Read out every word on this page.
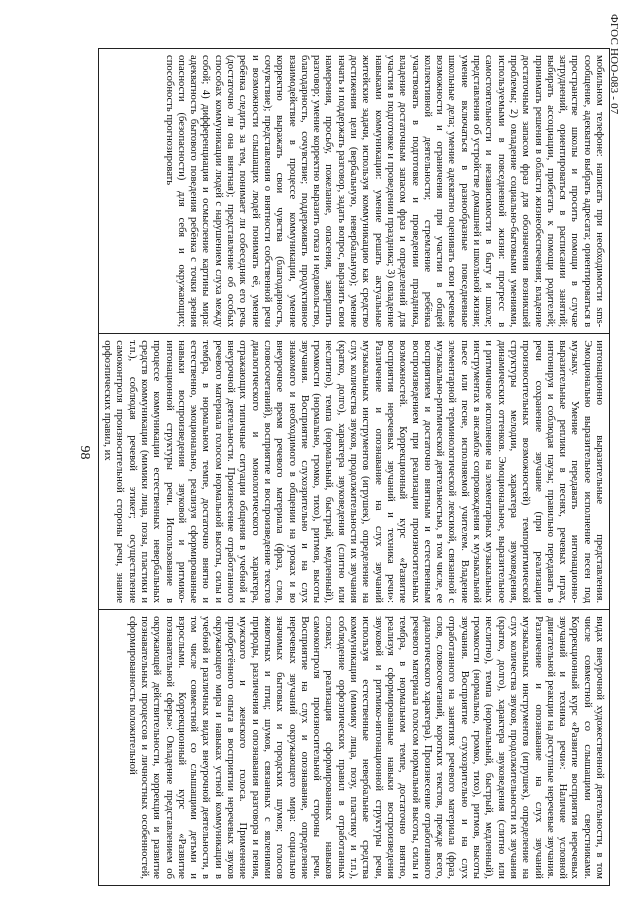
ФГОС НОО-083 - 07

мобильном телефоне: написать при необходимости sms-сообщение, адекватно выбрать адресата; ориентироваться в пространстве школы и просить помощи в случае затруднений, ориентироваться в расписании занятий; выбирать ассоциации, прибегать к помощи родителей; принимать решения в области жизнеобеспечения; владение достаточным запасом фраз для обозначения возникшей проблемы; 2) овладение социально-бытовыми умениями, используемыми в повседневной жизни: прогресс в самостоятельности и независимости в быту и школе; представления об устройстве домашней и школьной жизни; умение включаться в разнообразные повседневные школьные дела; умение адекватно оценивать свои речевые возможности и ограничения при участии в общей коллективной деятельности; стремление ребёнка участвовать в подготовке и проведении праздника, владение достаточным запасом фраз и определений для участия в подготовке и проведении праздника; 3) овладение навыками коммуникации: умение решать актуальные житейские задачи, используя коммуникацию как средство достижения цели (вербальную, невербальную); умение начать и поддержать разговор, задать вопрос, выразить свои намерения, просьбу, пожелание, опасения, завершить разговор; умение корректно выразить отказ и недовольство, благодарность, сочувствие; поддерживать продуктивное взаимодействие в процессе коммуникации, умение корректно выражать свои чувства (благодарность, сочувствие); представления о внятности собственной речи и возможности слышащих людей понимать её, умение ребёнка следить за тем, понимает ли собеседник его речь (достаточно ли она внятная); представление об особых способах коммуникации людей с нарушением слуха между собой; 4) дифференциация и осмысление картины мира: адекватность бытового поведения ребёнка с точки зрения опасности (безопасности) для себя и окружающих; способность прогнозировать

интонационно выразительные представления. Эмоционально выразительное исполнение песен под музыку. Умение передавать интонационно-выразительные реплики в песнях, речевых играх, интонируя и соблюдая паузы; правильно передавать в речи сохранение звучание (при реализации произносительных возможностей) темпоритмической структуры мелодии, характера звуковедения, динамических оттенков. Эмоциональное, выразительное и ритмичное исполнение на элементарных музыкальных инструментах в ансамбле сопровождения к музыкальной пьесе или песне, исполняемой учителем. Владение элементарной терминологической лексикой, связанной с музыкально-ритмической деятельностью, в том числе, ее восприятием и достаточно внятным и естественным воспроизведением при реализации произносительных возможностей. Коррекционный курс «Развитие восприятия неречевых звучаний и техника речи»: Различение и опознавание на слух звучаний музыкальных инструментов (игрушек), определение на слух количества звуков, продолжительности их звучания (кратко, долго), характера звуковедения (слитно или неслитно), темпа (нормальный, быстрый, медленный), громкости (нормально, громко, тихо), ритмов, высоты звучания. Восприятие слухозрительно и на слух знакомого и необходимого в общении на уроках и во внеурочное время речевого материала (фраз, слов, словосочетаний), восприятие и воспроизведение текстов диалогического и монологического характера, отражающих типичные ситуации общения в учебной и внеурочной деятельности. Произнесение отработанного речевого материала голосом нормальной высоты, силы и тембра, в нормальном темпе, достаточно внятно и естественно, эмоционально, реализуя сформированные навыки воспроизведения звуковой и ритмико-интонационной структуры речи. Использование в процессе коммуникации естественных невербальных средств коммуникации (мимики лица, позы, пластики и т.п.), соблюдая речевой этикет; осуществление самоконтроля произносительной стороны речи, знание орфоэпических правил, их

видах внеурочной художественной деятельности, в том числе совместной со слышащими сверстниками. Коррекционный курс «Развитие восприятия неречевых звучаний и техника речи»: Наличие условной двигательной реакции на доступные неречевые звучания. Различение и опознавание на слух звучаний музыкальных инструментов (игрушек), определение на слух количества звуков, продолжительности их звучания (кратко, долго), характера звуковедения (слитно или неслитно), темпа (нормальный, быстрый, медленный), громкости (нормально, громко, тихо), ритмов, высоты звучания. Восприятие слухозрительно и на слух отработанного на занятиях речевого материала (фраз, слов, словосочетаний, коротких текстов, прежде всего, диалогического характера). Произнесение отработанного речевого материала голосом нормальной высоты, силы и тембра, в нормальном темпе, достаточно внятно, реализуя сформированные навыки воспроизведения звуковой и ритмико-интонационной структуры речи, используя естественные невербальные средства коммуникации (мимику лица, позу, пластику и т.п.), соблюдение орфоэпических правил в отработанных словах; реализация сформированных навыков самоконтроля произносительной стороны речи. Восприятие на слух и опознавание, определение неречевых звучаний окружающего мира: социально значимых бытовых и городских шумов; голосов животных и птиц; шумов, связанных с явлениями природы, различения и опознавания разговора и пения, мужского и женского голоса. Применение приобретённого опыта в восприятии неречевых звуков окружающего мира и навыках устной коммуникации в учебной и различных видах внеурочной деятельности, в том числе совместной со слышащими детьми и взрослыми. Коррекционный курс «Развитие познавательной сферы»: Овладение представлением об окружающей действительности, коррекция и развитие познавательных процессов и личностных особенностей, сформированность положительной

98
